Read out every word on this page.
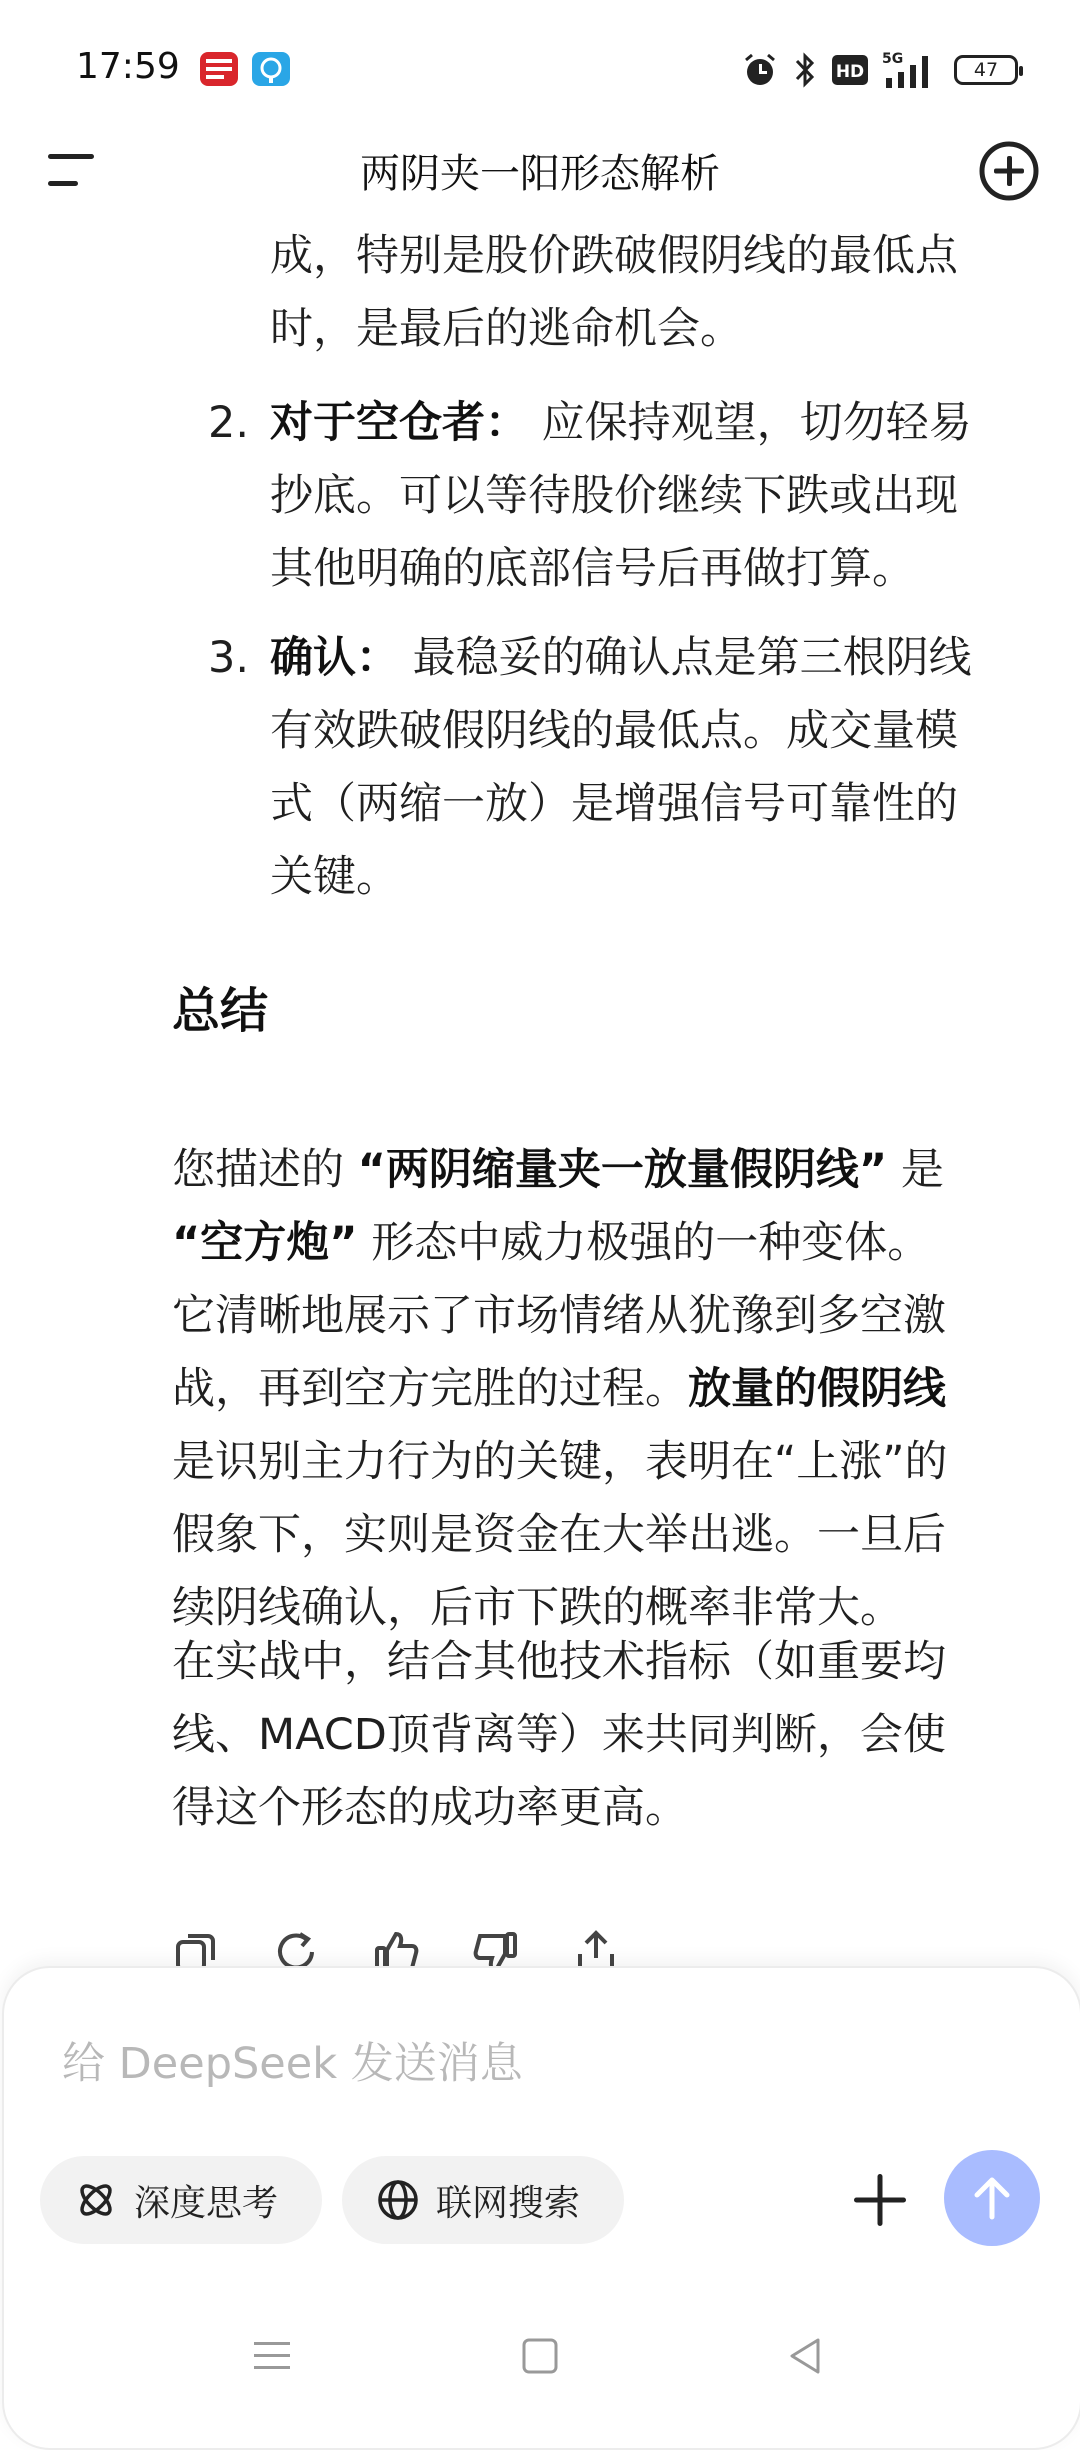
17:59	HD
5G	47
两阴夹一阳形态解析
成，特别是股价跌破假阴线的最低点
时，是最后的逃命机会。
2. 对于空仓者： 应保持观望，切勿轻易
抄底。可以等待股价继续下跌或出现
其他明确的底部信号后再做打算。
3. 确认： 最稳妥的确认点是第三根阴线
有效跌破假阴线的最低点。成交量模
式（两缩一放）是增强信号可靠性的
关键。
总结
您描述的 “两阴缩量夹一放量假阴线” 是
“空方炮” 形态中威力极强的一种变体。
它清晰地展示了市场情绪从犹豫到多空激
战，再到空方完胜的过程。放量的假阴线
是识别主力行为的关键，表明在“上涨”的
假象下，实则是资金在大举出逃。一旦后
续阴线确认，后市下跌的概率非常大。
在实战中，结合其他技术指标（如重要均
线、MACD顶背离等）来共同判断，会使
得这个形态的成功率更高。
给 DeepSeek 发送消息
深度思考	联网搜索
